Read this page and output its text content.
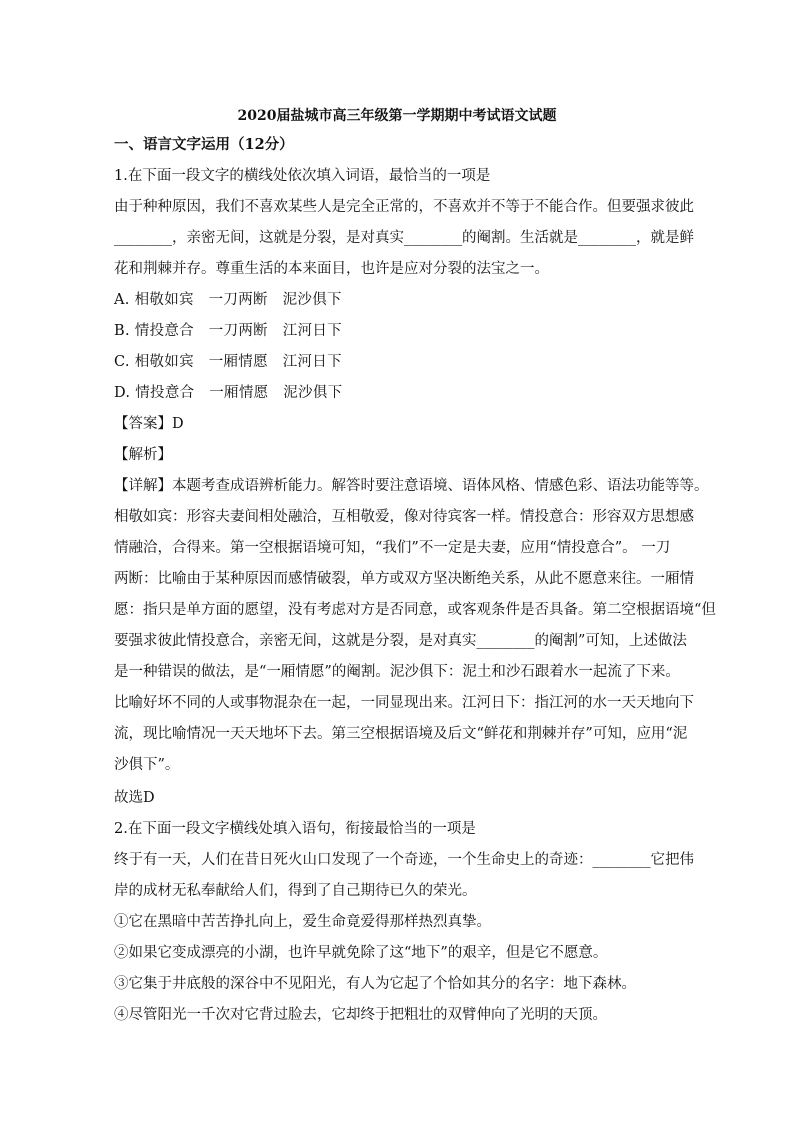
2020届盐城市高三年级第一学期期中考试语文试题
一、语言文字运用（12分）
1.在下面一段文字的横线处依次填入词语，最恰当的一项是
由于种种原因，我们不喜欢某些人是完全正常的，不喜欢并不等于不能合作。但要强求彼此
________，亲密无间，这就是分裂，是对真实________的阉割。生活就是________，就是鲜
花和荆棘并存。尊重生活的本来面目，也许是应对分裂的法宝之一。
A. 相敬如宾　一刀两断　泥沙俱下
B. 情投意合　一刀两断　江河日下
C. 相敬如宾　一厢情愿　江河日下
D. 情投意合　一厢情愿　泥沙俱下
【答案】D
【解析】
【详解】本题考查成语辨析能力。解答时要注意语境、语体风格、情感色彩、语法功能等等。
相敬如宾：形容夫妻间相处融洽，互相敬爱，像对待宾客一样。情投意合：形容双方思想感
情融洽，合得来。第一空根据语境可知，“我们”不一定是夫妻，应用“情投意合”。 一刀
两断：比喻由于某种原因而感情破裂，单方或双方坚决断绝关系，从此不愿意来往。一厢情
愿：指只是单方面的愿望，没有考虑对方是否同意，或客观条件是否具备。第二空根据语境“但
要强求彼此情投意合，亲密无间，这就是分裂，是对真实________的阉割”可知，上述做法
是一种错误的做法，是“一厢情愿”的阉割。泥沙俱下：泥土和沙石跟着水一起流了下来。
比喻好坏不同的人或事物混杂在一起，一同显现出来。江河日下：指江河的水一天天地向下
流，现比喻情况一天天地坏下去。第三空根据语境及后文“鲜花和荆棘并存”可知，应用“泥
沙俱下”。
故选D
2.在下面一段文字横线处填入语句，衔接最恰当的一项是
终于有一天，人们在昔日死火山口发现了一个奇迹，一个生命史上的奇迹：________它把伟
岸的成材无私奉献给人们，得到了自己期待已久的荣光。
①它在黑暗中苦苦挣扎向上，爱生命竟爱得那样热烈真挚。
②如果它变成漂亮的小湖，也许早就免除了这“地下”的艰辛，但是它不愿意。
③它集于井底般的深谷中不见阳光，有人为它起了个恰如其分的名字：地下森林。
④尽管阳光一千次对它背过脸去，它却终于把粗壮的双臂伸向了光明的天顶。
